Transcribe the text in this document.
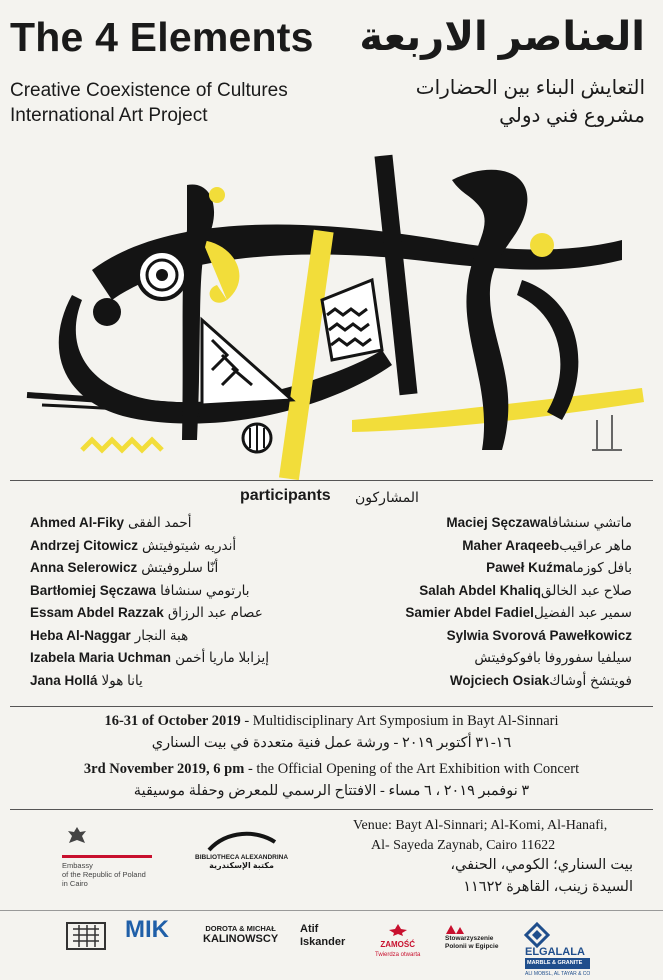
The 4 Elements العناصر الاربعة
Creative Coexistence of Cultures
International Art Project
التعايش البناء بين الحضارات
مشروع فني دولي
participants المشاركون
Ahmed Al-Fiky أحمد الفقى
Andrzej Citowicz أندريه شيتوفيتش
Anna Selerowicz أنّا سلروفيتش
Bartłomiej Sęczawa بارتومي سنشافا
Essam Abdel Razzak عصام عبد الرزاق
Heba Al-Naggar هبة النجار
Izabela Maria Uchman إيزابلا ماريا أخمن
Jana Hollá يانا هولا
Maciej Sęczawaماتشي سنشافا
Maher Araqeebماهر عراقيب
Paweł Kuźmaبافل كوزما
Salah Abdel Khaliqصلاح عبد الخالق
Samier Abdel Fadielسمير عبد الفضيل
Sylwia Svorová Pawełkowicz
سيلفيا سفوروفا بافوكوفيتش
Wojciech Osiakفويتشخ أوشاك
16-31 of October 2019 - Multidisciplinary Art Symposium in Bayt Al-Sinnari
١٦-٣١ أكتوبر ٢٠١٩ - ورشة عمل فنية متعددة في بيت السناري
3rd November 2019, 6 pm - the Official Opening of the Art Exhibition with Concert
٣ نوفمبر ٢٠١٩ ، ٦ مساء - الافتتاح الرسمي للمعرض وحفلة موسيقية
Embassy
of the Republic of Poland
in Cairo
BIBLIOTHECA ALEXANDRINA
مكتبة الإسكندرية
Venue: Bayt Al-Sinnari; Al-Komi, Al-Hanafi,
Al- Sayeda Zaynab, Cairo 11622
بيت السناري؛ الكومي، الحنفي،
السيدة زينب، القاهرة ١١٦٢٢
MIK	DOROTA & MICHAŁ
KALINOWSCY
Atif
Iskander	ZAMOŚĆ
Twierdza otwarta
Stowarzyszenie
Polonii w Egipcie ELGALALA
MARBLE & GRANITE
ALI MOBSL, AL TAYAR & CO
